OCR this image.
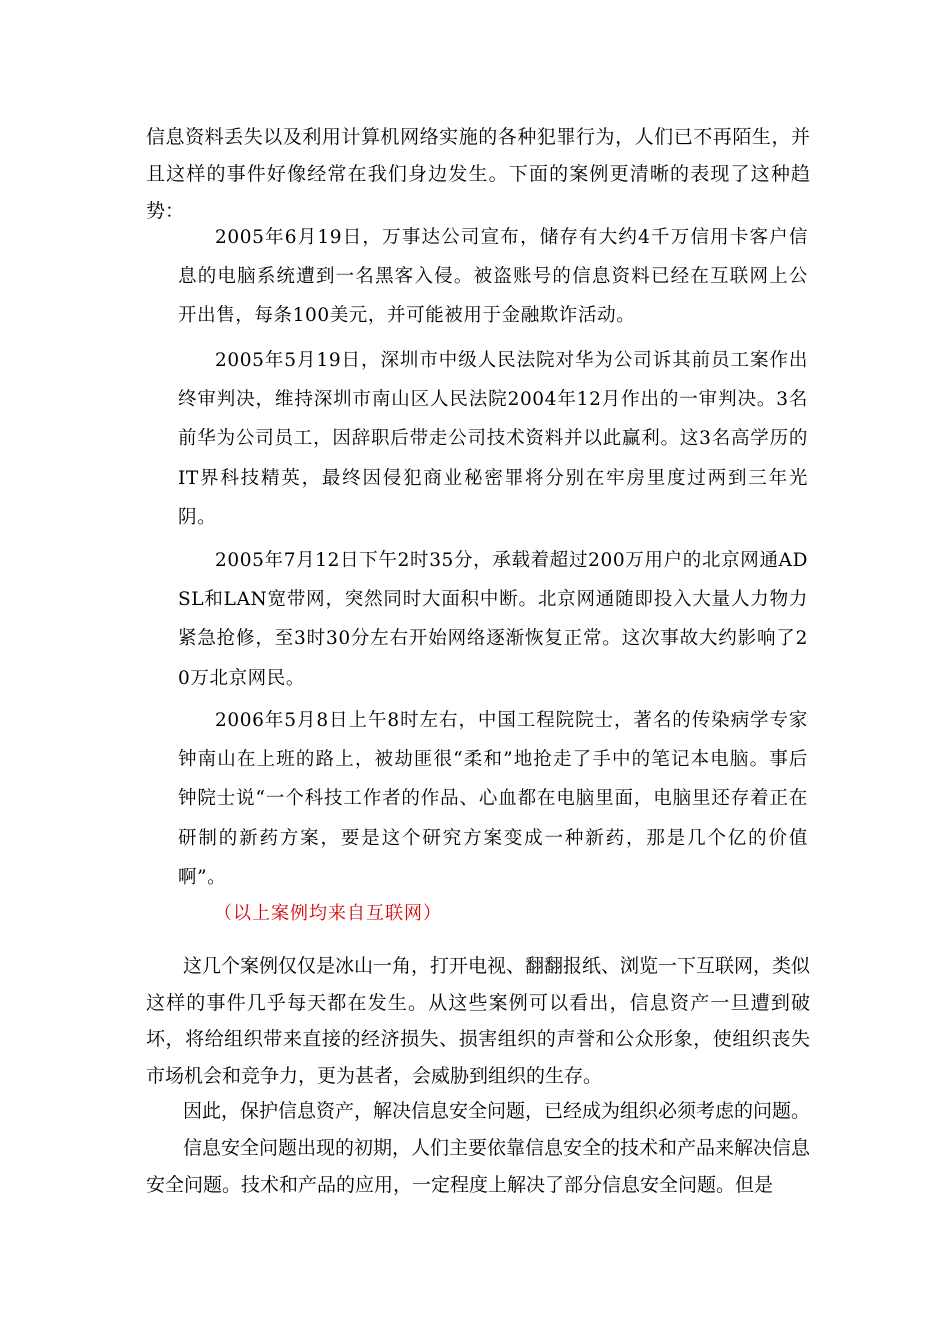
信息资料丢失以及利用计算机网络实施的各种犯罪行为，人们已不再陌生，并且这样的事件好像经常在我们身边发生。下面的案例更清晰的表现了这种趋势：

2005年6月19日，万事达公司宣布，储存有大约4千万信用卡客户信息的电脑系统遭到一名黑客入侵。被盗账号的信息资料已经在互联网上公开出售，每条100美元，并可能被用于金融欺诈活动。

2005年5月19日，深圳市中级人民法院对华为公司诉其前员工案作出终审判决，维持深圳市南山区人民法院2004年12月作出的一审判决。3名前华为公司员工，因辞职后带走公司技术资料并以此赢利。这3名高学历的IT界科技精英，最终因侵犯商业秘密罪将分别在牢房里度过两到三年光阴。

2005年7月12日下午2时35分，承载着超过200万用户的北京网通ADSL和LAN宽带网，突然同时大面积中断。北京网通随即投入大量人力物力紧急抢修，至3时30分左右开始网络逐渐恢复正常。这次事故大约影响了20万北京网民。

2006年5月8日上午8时左右，中国工程院院士，著名的传染病学专家钟南山在上班的路上，被劫匪很“柔和”地抢走了手中的笔记本电脑。事后钟院士说“一个科技工作者的作品、心血都在电脑里面，电脑里还存着正在研制的新药方案，要是这个研究方案变成一种新药，那是几个亿的价值啊”。

（以上案例均来自互联网）

这几个案例仅仅是冰山一角，打开电视、翻翻报纸、浏览一下互联网，类似这样的事件几乎每天都在发生。从这些案例可以看出，信息资产一旦遭到破坏，将给组织带来直接的经济损失、损害组织的声誉和公众形象，使组织丧失市场机会和竞争力，更为甚者，会威胁到组织的生存。

因此，保护信息资产，解决信息安全问题，已经成为组织必须考虑的问题。

信息安全问题出现的初期，人们主要依靠信息安全的技术和产品来解决信息安全问题。技术和产品的应用，一定程度上解决了部分信息安全问题。但是
